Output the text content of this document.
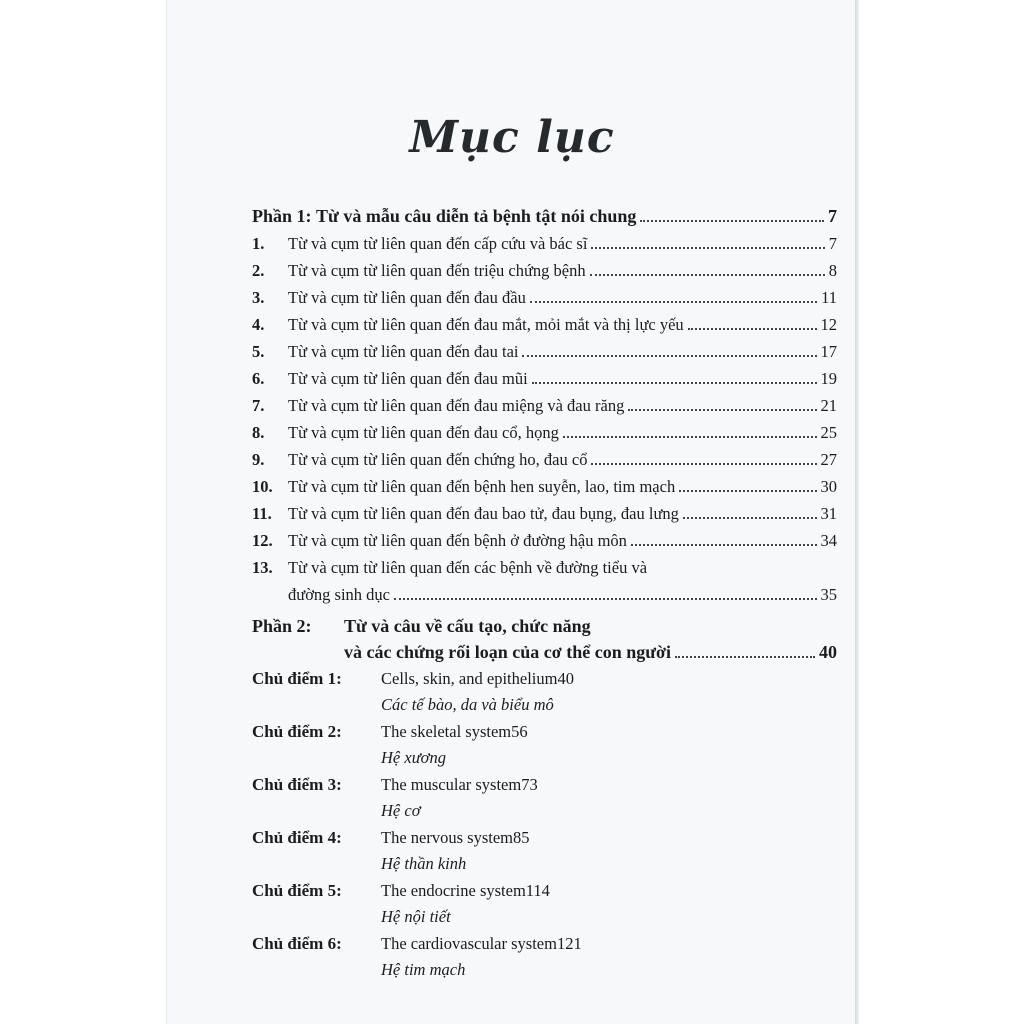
Mục lục
Phần 1:
Từ và mẫu câu diễn tả bệnh tật nói chung	7
1.	Từ và cụm từ liên quan đến cấp cứu và bác sĩ	7
2.	Từ và cụm từ liên quan đến triệu chứng bệnh	8
3.	Từ và cụm từ liên quan đến đau đầu	11
4.	Từ và cụm từ liên quan đến đau mắt, mỏi mắt và thị lực yếu	12
5.	Từ và cụm từ liên quan đến đau tai	17
6.	Từ và cụm từ liên quan đến đau mũi	19
7.	Từ và cụm từ liên quan đến đau miệng và đau răng	21
8.	Từ và cụm từ liên quan đến đau cổ, họng	25
9.	Từ và cụm từ liên quan đến chứng ho, đau cổ	27
10. Từ và cụm từ liên quan đến bệnh hen suyễn, lao, tim mạch	30
11. Từ và cụm từ liên quan đến đau bao tử, đau bụng, đau lưng	31
12. Từ và cụm từ liên quan đến bệnh ở đường hậu môn	34
13. Từ và cụm từ liên quan đến các bệnh về đường tiểu và
đường sinh dục	35
Phần 2:	Từ và câu về cấu tạo, chức năng
và các chứng rối loạn của cơ thể con người	40
Chủ điểm 1: Cells, skin, and epithelium 40
Các tế bào, da và biểu mô
Chủ điểm 2: The skeletal system 56
Hệ xương
Chủ điểm 3: The muscular system 73
Hệ cơ
Chủ điểm 4: The nervous system 85
Hệ thần kinh
Chủ điểm 5: The endocrine system 114
Hệ nội tiết
Chủ điểm 6: The cardiovascular system 121
Hệ tim mạch
